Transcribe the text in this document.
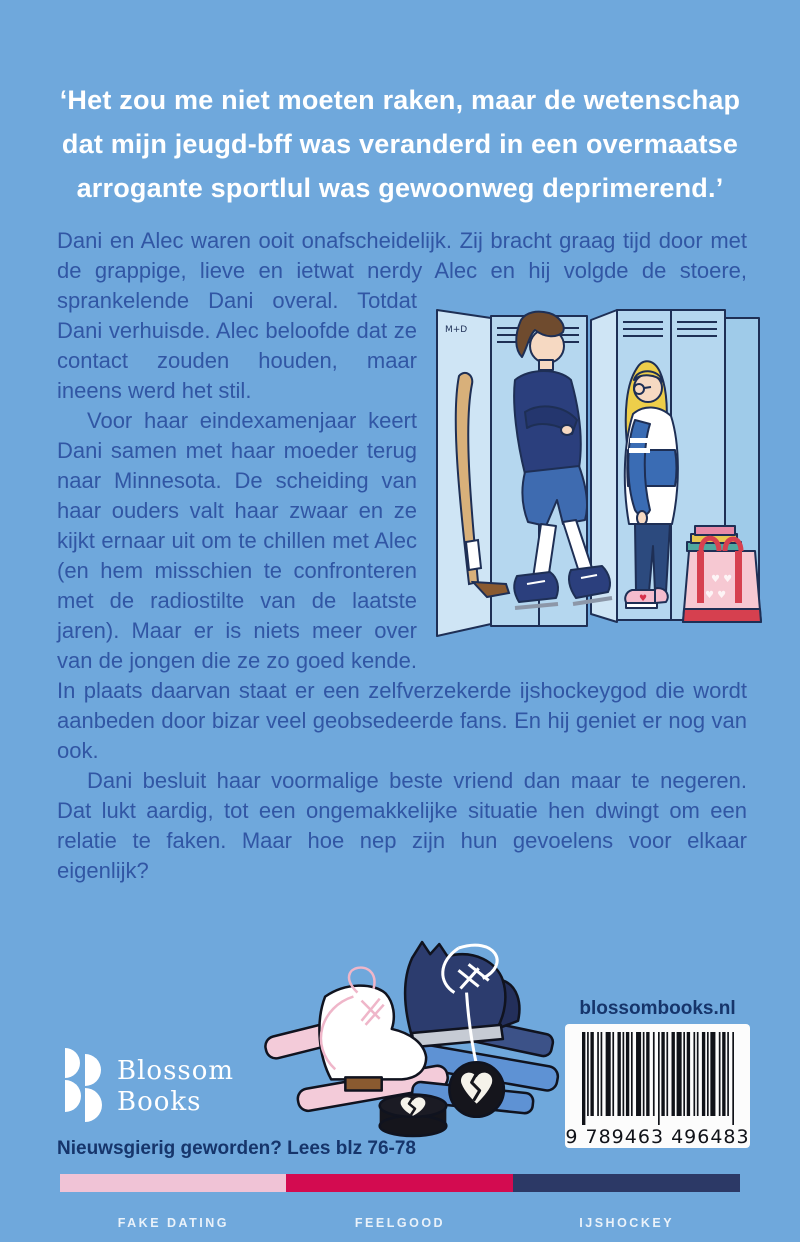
‘Het zou me niet moeten raken, maar de wetenschap
dat mijn jeugd-bff was veranderd in een overmaatse
arrogante sportlul was gewoonweg deprimerend.’
Dani en Alec waren ooit onafscheidelijk. Zij bracht graag tijd door met de grappige, lieve en ietwat nerdy Alec en hij volgde de stoere,
M+D
♥
♥ ♥
♥ ♥
sprankelende Dani overal. Totdat Dani verhuisde. Alec beloofde dat ze contact zouden houden, maar ineens werd het stil.

Voor haar eindexamenjaar keert Dani samen met haar moeder terug naar Minnesota. De scheiding van haar ouders valt haar zwaar en ze kijkt ernaar uit om te chillen met Alec (en hem misschien te confronteren met de radiostilte van de laatste jaren). Maar er is niets meer over van de jongen die ze zo goed kende. In plaats daarvan staat er een zelfverzekerde ijshockeygod die wordt aanbeden door bizar veel geobsedeerde fans. En hij geniet er nog van ook.

Dani besluit haar voormalige beste vriend dan maar te negeren. Dat lukt aardig, tot een ongemakkelijke situatie hen dwingt om een relatie te faken. Maar hoe nep zijn hun gevoelens voor elkaar eigenlijk?

Blossom
Books
Nieuwsgierig geworden? Lees blz 76-78
blossombooks.nl
9 789463 496483
FAKE DATING	FEELGOOD	IJSHOCKEY
